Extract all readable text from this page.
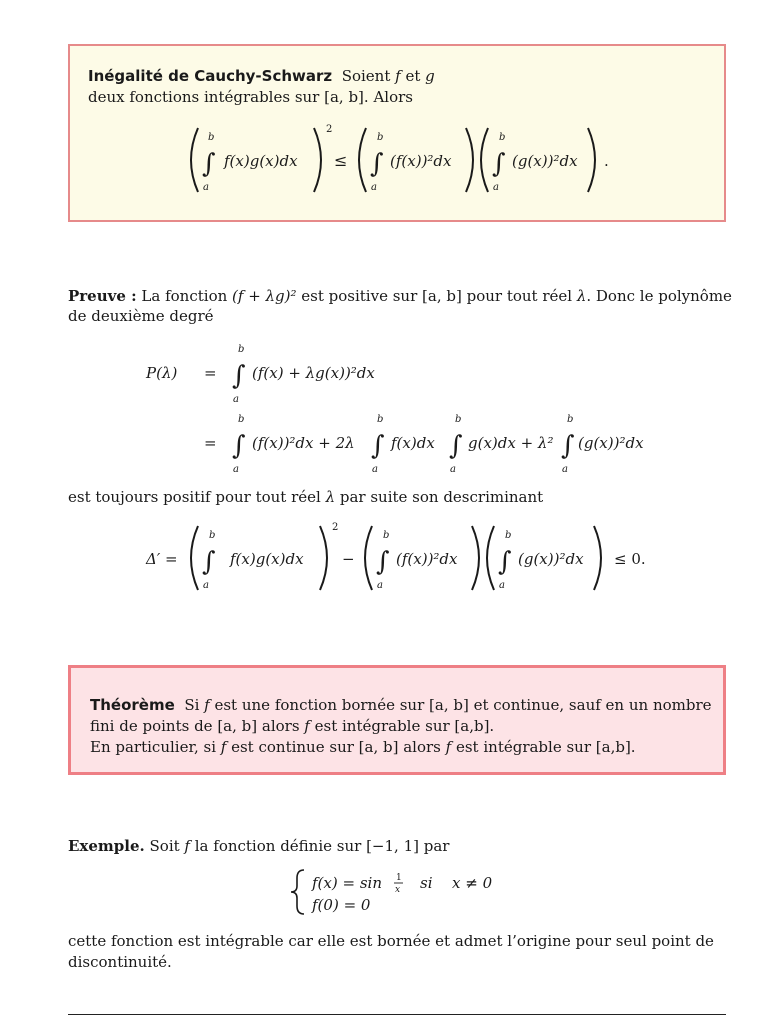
Inégalité de Cauchy-Schwarz Soient f et g
deux fonctions intégrables sur [a, b]. Alors
b
∫
a
f(x)g(x)dx
2
≤
b
∫
a
(f(x))²dx
b
∫
a
(g(x))²dx .
Preuve : La fonction (f + λg)² est positive sur [a, b] pour tout réel λ. Donc le polynôme
de deuxième degré
P(λ) =
b
∫
a
(f(x) + λg(x))²dx
=
b
∫
a
(f(x))²dx + 2λ
b
∫
a
f(x)dx
b
∫
a
g(x)dx + λ²
b
∫
a
(g(x))²dx
est toujours positif pour tout réel λ par suite son descriminant
Δ′ =
b
∫
a
f(x)g(x)dx
2
−
b
∫
a
(f(x))²dx
b
∫
a
(g(x))²dx ≤ 0.
Théorème Si f est une fonction bornée sur [a, b] et continue, sauf en un nombre
fini de points de [a, b] alors f est intégrable sur [a,b].
En particulier, si f est continue sur [a, b] alors f est intégrable sur [a,b].
Exemple. Soit f la fonction définie sur [−1, 1] par
f(x) = sin 1
x si x ≠ 0
f(0) = 0
cette fonction est intégrable car elle est bornée et admet l’origine pour seul point de
discontinuité.
